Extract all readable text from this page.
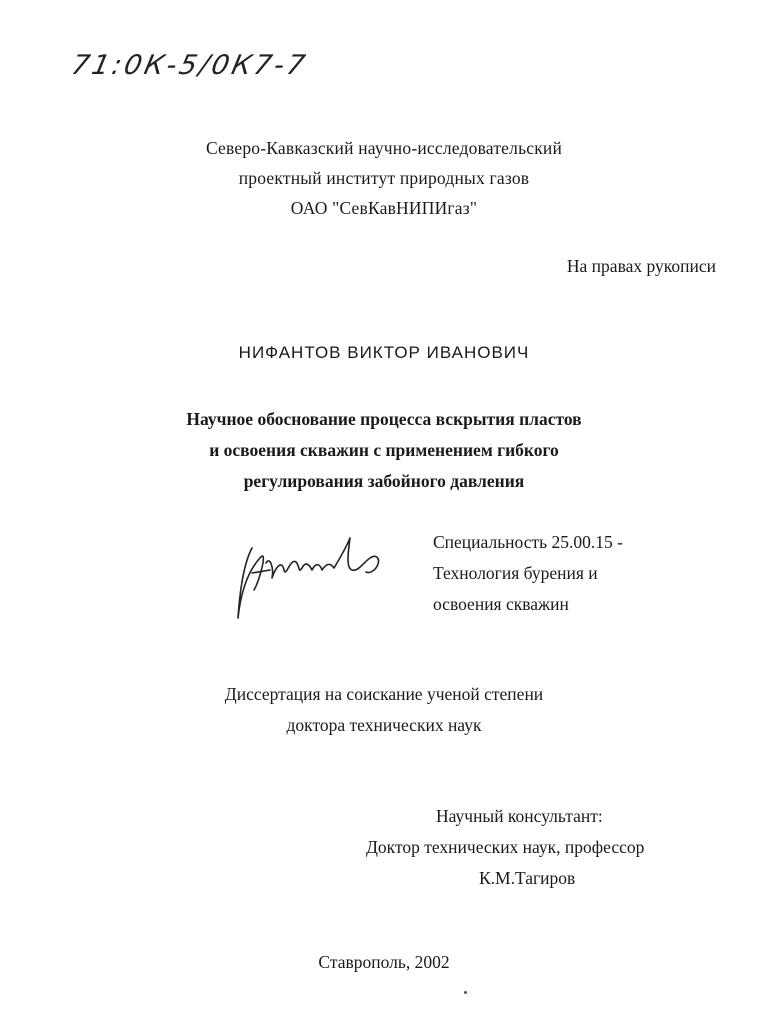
71:0К-5/0К7-7
Северо-Кавказский научно-исследовательский
проектный институт природных газов
ОАО "СевКавНИПИгаз"
На правах рукописи
НИФАНТОВ ВИКТОР ИВАНОВИЧ
Научное обоснование процесса вскрытия пластов
и освоения скважин с применением гибкого
регулирования забойного давления
Специальность 25.00.15 -
Технология бурения и
освоения скважин
Диссертация на соискание ученой степени
доктора технических наук
Научный консультант:
Доктор технических наук, профессор
К.М.Тагиров
Ставрополь, 2002
